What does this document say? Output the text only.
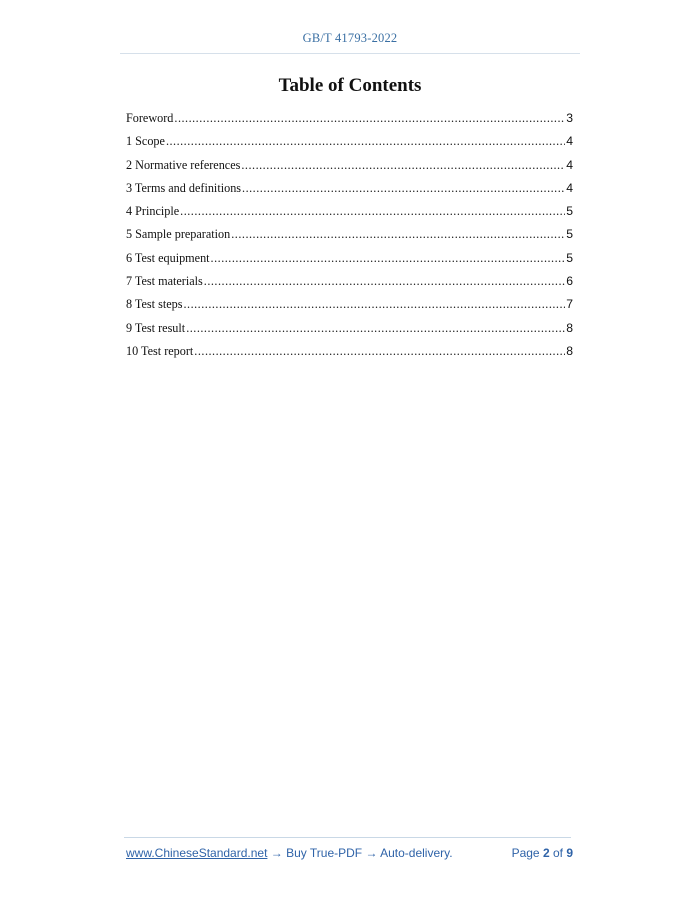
GB/T 41793-2022
Table of Contents
Foreword .....	3
1 Scope .....	4
2 Normative references .....	4
3 Terms and definitions .....	4
4 Principle .....	5
5 Sample preparation .....	5
6 Test equipment .....	5
7 Test materials .....	6
8 Test steps .....	7
9 Test result .....	8
10 Test report .....	8
www.ChineseStandard.net → Buy True-PDF → Auto-delivery.	Page 2 of 9
